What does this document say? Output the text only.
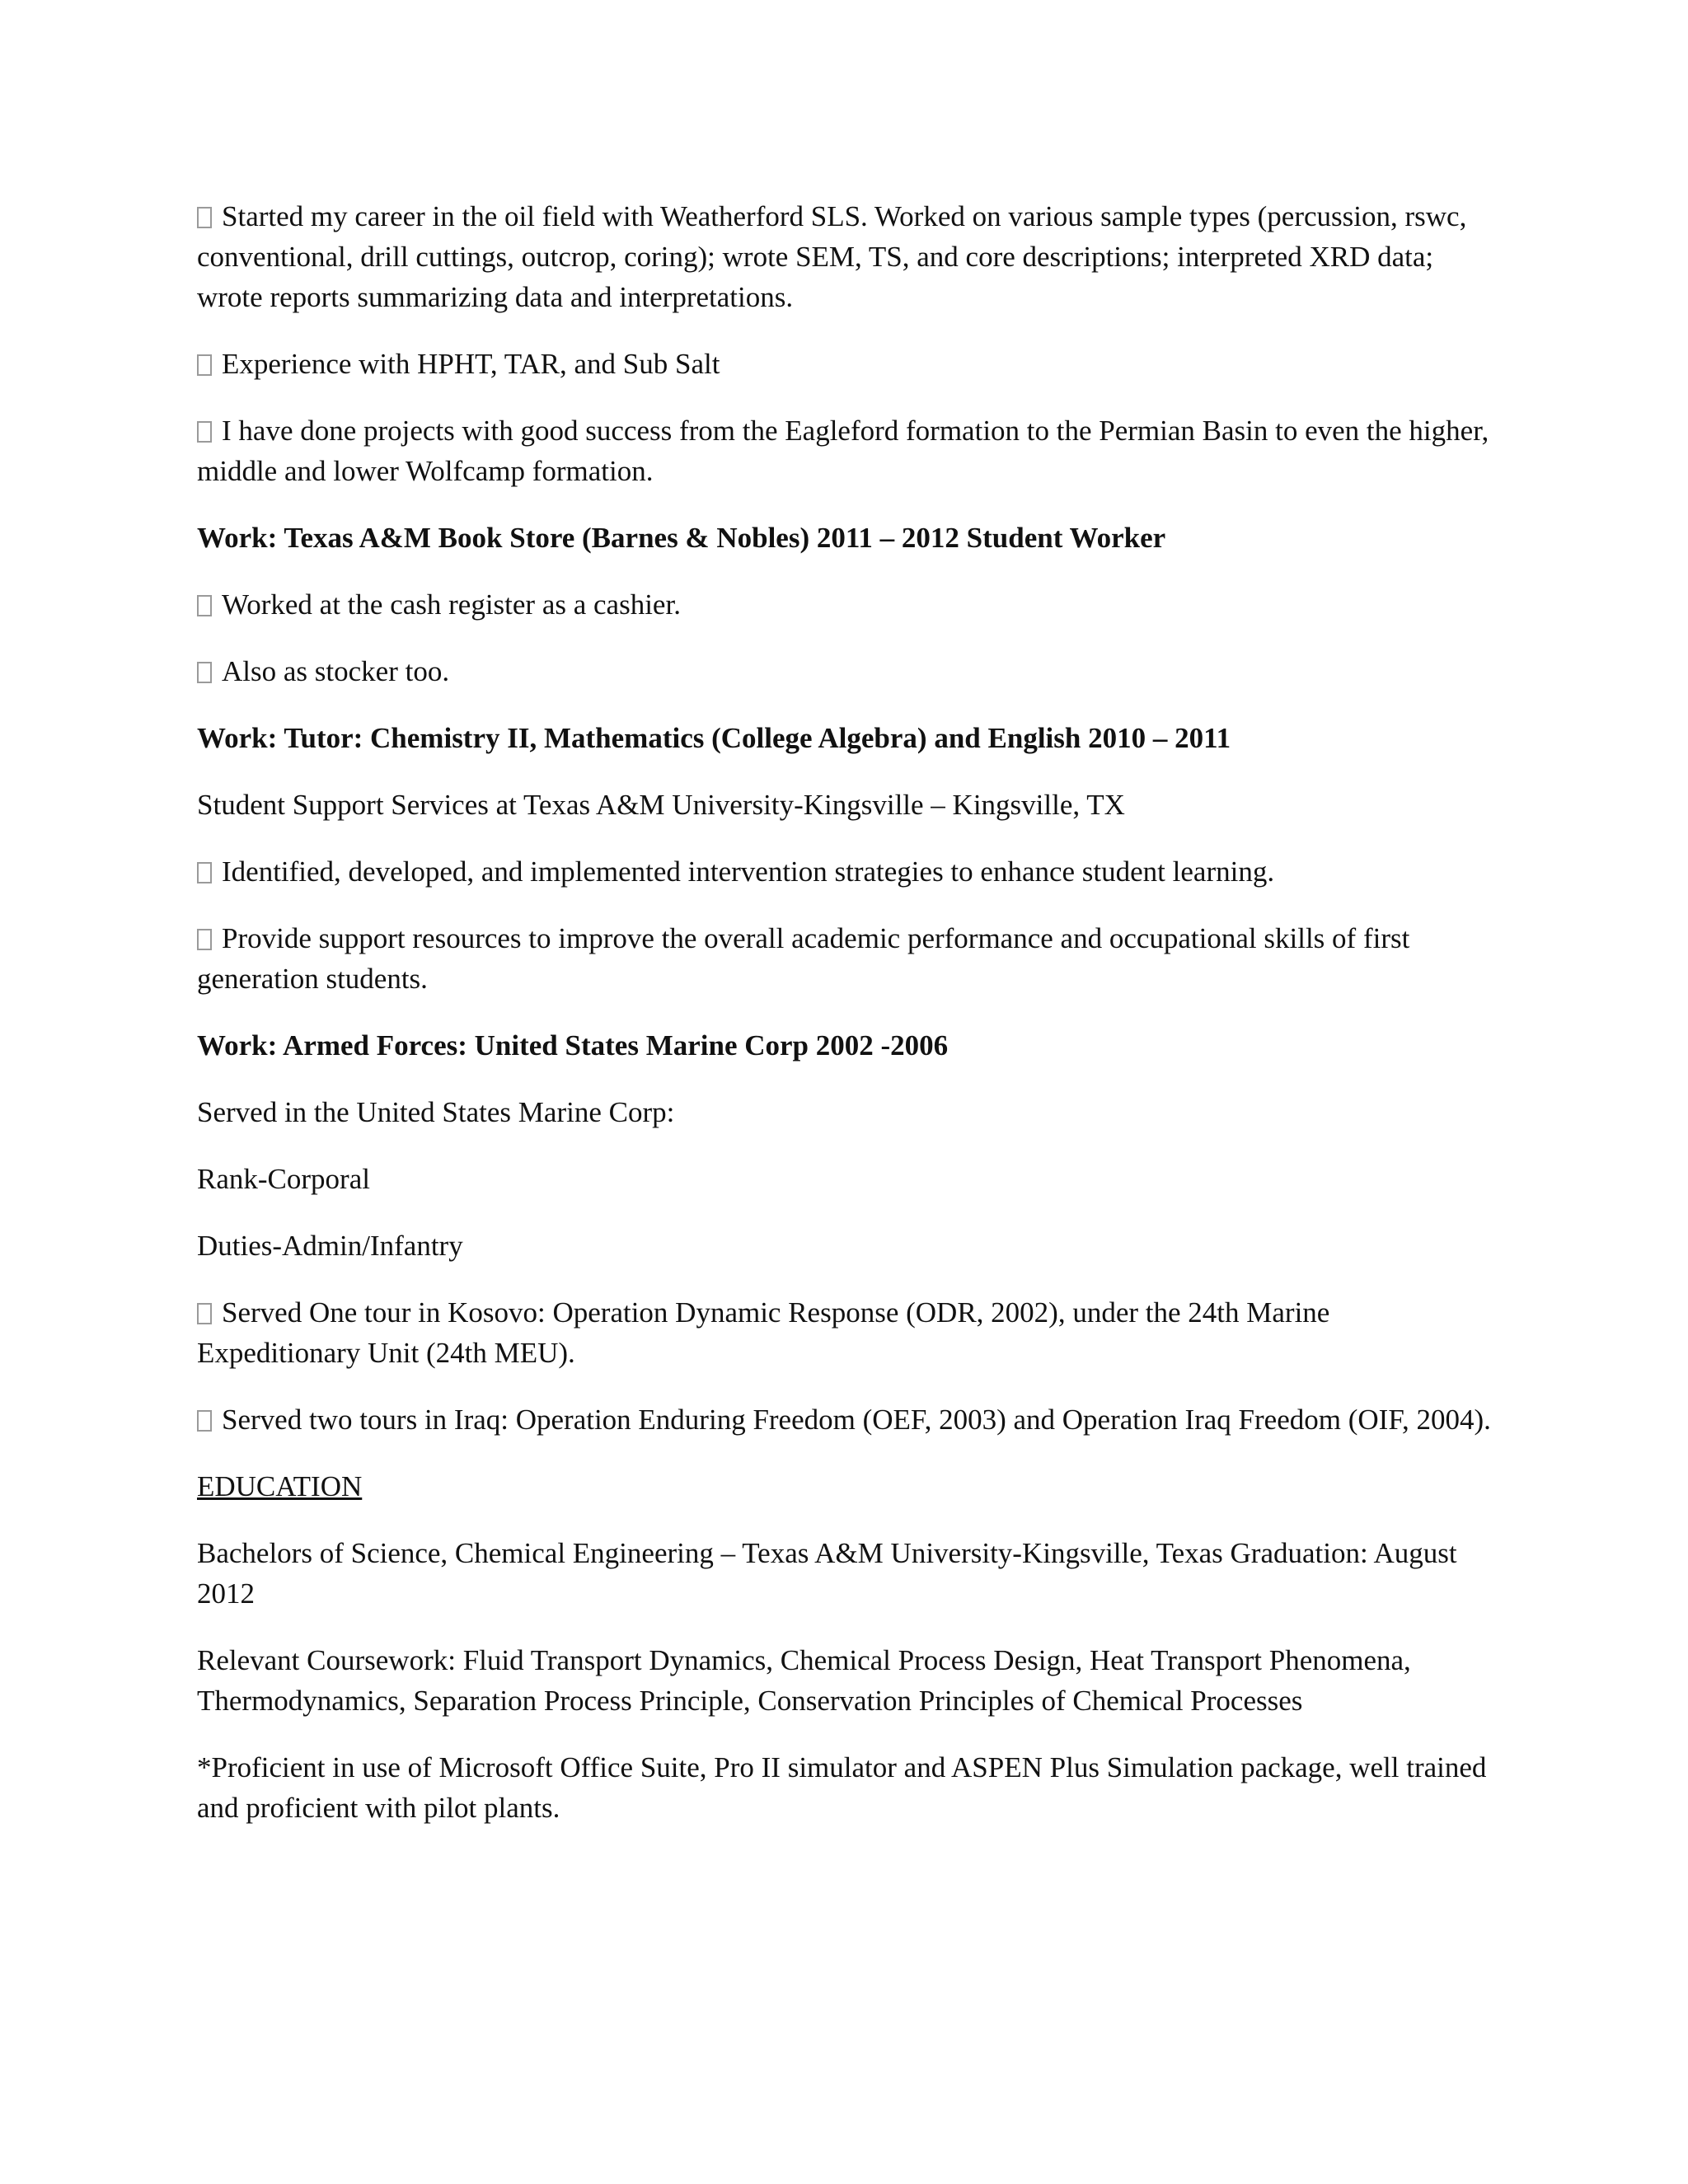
Started my career in the oil field with Weatherford SLS. Worked on various sample types (percussion, rswc, conventional, drill cuttings, outcrop, coring); wrote SEM, TS, and core descriptions; interpreted XRD data; wrote reports summarizing data and interpretations.

Experience with HPHT, TAR, and Sub Salt

I have done projects with good success from the Eagleford formation to the Permian Basin to even the higher, middle and lower Wolfcamp formation.

Work: Texas A&M Book Store (Barnes & Nobles) 2011 – 2012 Student Worker

Worked at the cash register as a cashier.

Also as stocker too.

Work: Tutor: Chemistry II, Mathematics (College Algebra) and English 2010 – 2011

Student Support Services at Texas A&M University-Kingsville – Kingsville, TX

Identified, developed, and implemented intervention strategies to enhance student learning.

Provide support resources to improve the overall academic performance and occupational skills of first generation students.

Work: Armed Forces: United States Marine Corp 2002 -2006

Served in the United States Marine Corp:

Rank-Corporal

Duties-Admin/Infantry

Served One tour in Kosovo: Operation Dynamic Response (ODR, 2002), under the 24th Marine Expeditionary Unit (24th MEU).

Served two tours in Iraq: Operation Enduring Freedom (OEF, 2003) and Operation Iraq Freedom (OIF, 2004).

EDUCATION

Bachelors of Science, Chemical Engineering – Texas A&M University-Kingsville, Texas Graduation: August 2012

Relevant Coursework: Fluid Transport Dynamics, Chemical Process Design, Heat Transport Phenomena, Thermodynamics, Separation Process Principle, Conservation Principles of Chemical Processes

*Proficient in use of Microsoft Office Suite, Pro II simulator and ASPEN Plus Simulation package, well trained and proficient with pilot plants.
